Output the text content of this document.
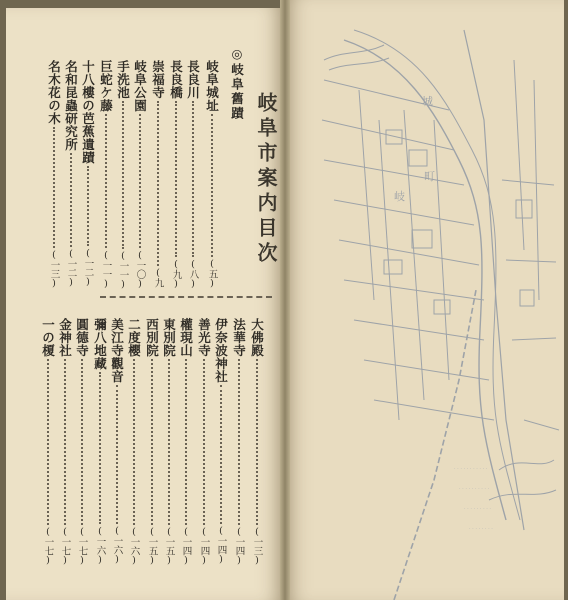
城
町
岐
· · · · · · · · · · ·
· · · · · · · · · ·
· · · · · · · · ·
· · · · · · · ·
岐阜市案内目次
◎岐阜舊蹟
岐阜城址(五)
長良川(八)
長良橋(九)
崇福寺(九
岐阜公園(一〇)
手洗池(一一)
巨蛇ケ藤(一一)
十八樓の芭蕉遺蹟(一二)
名和昆蟲研究所(一二)
名木花の木(一三)
大佛殿(一三)
法華寺(一四)
伊奈波神社(一四)
善光寺(一四)
權現山(一四)
東別院(一五)
西別院(一五)
二度櫻(一六)
美江寺觀音(一六)
彌八地藏(一六)
圓德寺(一七)
金神社(一七)
一の榎(一七)
